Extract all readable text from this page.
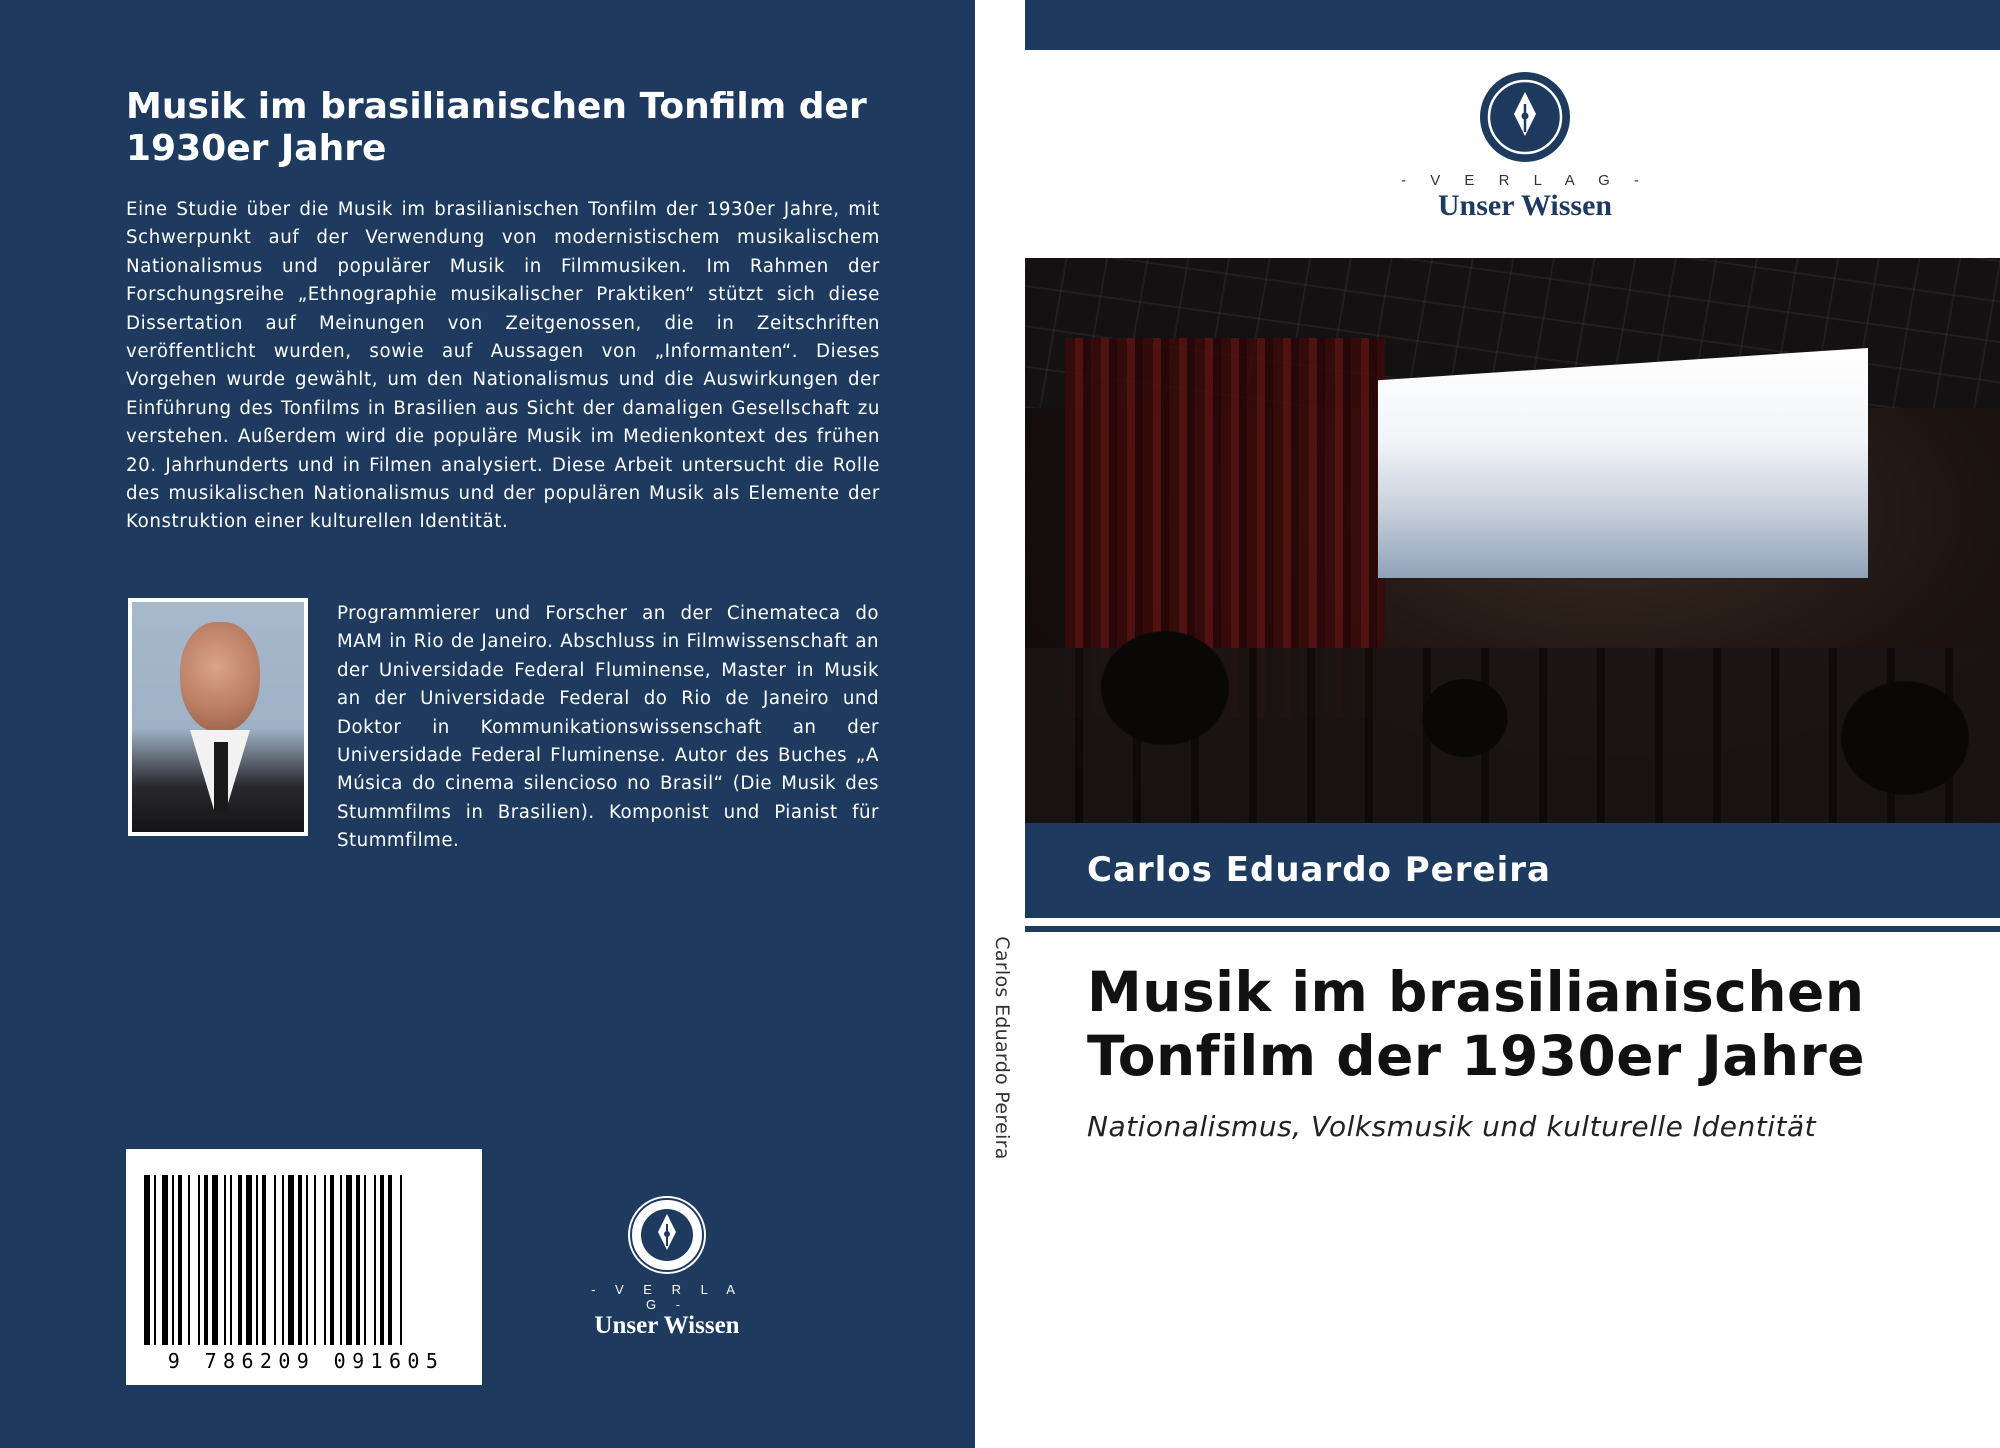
Musik im brasilianischen Tonfilm der 1930er Jahre

Eine Studie über die Musik im brasilianischen Tonfilm der 1930er Jahre, mit Schwerpunkt auf der Verwendung von modernistischem musikalischem Nationalismus und populärer Musik in Filmmusiken. Im Rahmen der Forschungsreihe „Ethnographie musikalischer Praktiken“ stützt sich diese Dissertation auf Meinungen von Zeitgenossen, die in Zeitschriften veröffentlicht wurden, sowie auf Aussagen von „Informanten“. Dieses Vorgehen wurde gewählt, um den Nationalismus und die Auswirkungen der Einführung des Tonfilms in Brasilien aus Sicht der damaligen Gesellschaft zu verstehen. Außerdem wird die populäre Musik im Medienkontext des frühen 20. Jahrhunderts und in Filmen analysiert. Diese Arbeit untersucht die Rolle des musikalischen Nationalismus und der populären Musik als Elemente der Konstruktion einer kulturellen Identität.

Programmierer und Forscher an der Cinemateca do MAM in Rio de Janeiro. Abschluss in Filmwissenschaft an der Universidade Federal Fluminense, Master in Musik an der Universidade Federal do Rio de Janeiro und Doktor in Kommunikationswissenschaft an der Universidade Federal Fluminense. Autor des Buches „A Música do cinema silencioso no Brasil“ (Die Musik des Stummfilms in Brasilien). Komponist und Pianist für Stummfilme.

9 786209 091605
- V E R L A G -
Unser Wissen
Carlos Eduardo Pereira
- V E R L A G -
Unser Wissen
Carlos Eduardo Pereira
Musik im brasilianischen Tonfilm der 1930er Jahre

Nationalismus, Volksmusik und kulturelle Identität
